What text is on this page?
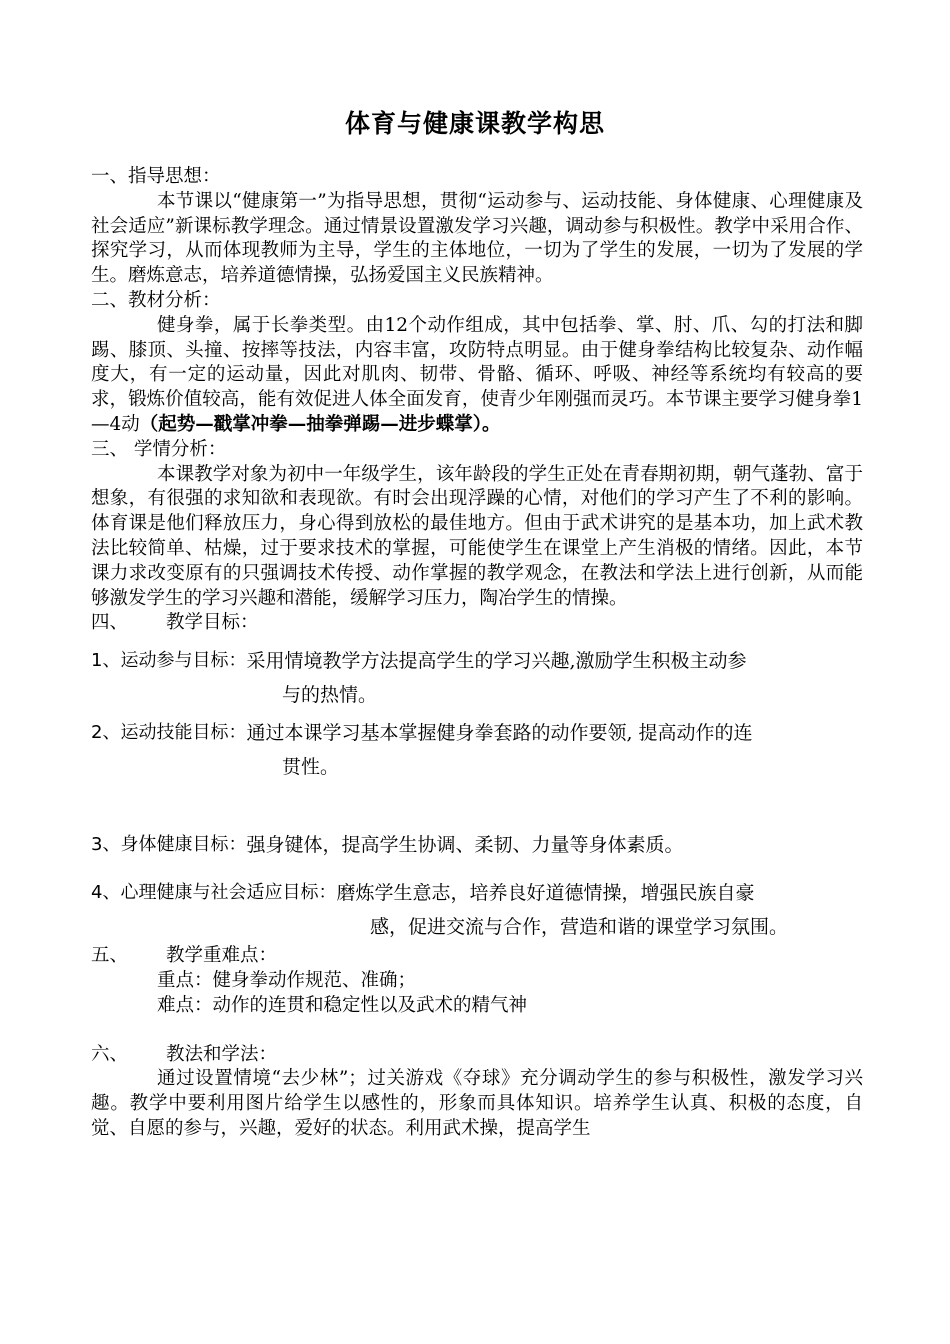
体育与健康课教学构思

一、指导思想：

本节课以“健康第一”为指导思想，贯彻“运动参与、运动技能、身体健康、心理健康及社会适应”新课标教学理念。通过情景设置激发学习兴趣，调动参与积极性。教学中采用合作、探究学习，从而体现教师为主导，学生的主体地位，一切为了学生的发展，一切为了发展的学生。磨炼意志，培养道德情操，弘扬爱国主义民族精神。

二、教材分析：

健身拳，属于长拳类型。由12个动作组成，其中包括拳、掌、肘、爪、勾的打法和脚踢、膝顶、头撞、按摔等技法，内容丰富，攻防特点明显。由于健身拳结构比较复杂、动作幅度大，有一定的运动量，因此对肌肉、韧带、骨骼、循环、呼吸、神经等系统均有较高的要求，锻炼价值较高，能有效促进人体全面发育，使青少年刚强而灵巧。本节课主要学习健身拳1—4动（起势—戳掌冲拳—抽拳弹踢—进步蝶掌）。

三、 学情分析：

本课教学对象为初中一年级学生，该年龄段的学生正处在青春期初期，朝气蓬勃、富于想象，有很强的求知欲和表现欲。有时会出现浮躁的心情，对他们的学习产生了不利的影响。体育课是他们释放压力，身心得到放松的最佳地方。但由于武术讲究的是基本功，加上武术教法比较简单、枯燥，过于要求技术的掌握，可能使学生在课堂上产生消极的情绪。因此，本节课力求改变原有的只强调技术传授、动作掌握的教学观念，在教法和学法上进行创新，从而能够激发学生的学习兴趣和潜能，缓解学习压力，陶冶学生的情操。

四、 教学目标：

1、运动参与目标： 采用情境教学方法提高学生的学习兴趣,激励学生积极主动参

与的热情。

2、运动技能目标： 通过本课学习基本掌握健身拳套路的动作要领, 提高动作的连

贯性。

3、身体健康目标： 强身键体，提高学生协调、柔韧、力量等身体素质。
4、心理健康与社会适应目标： 磨炼学生意志，培养良好道德情操，增强民族自豪

感，促进交流与合作，营造和谐的课堂学习氛围。

五、 教学重难点：

重点：健身拳动作规范、准确；

难点：动作的连贯和稳定性以及武术的精气神

六、 教法和学法：

通过设置情境“去少林”；过关游戏《夺球》充分调动学生的参与积极性，激发学习兴趣。教学中要利用图片给学生以感性的，形象而具体知识。培养学生认真、积极的态度，自觉、自愿的参与，兴趣，爱好的状态。利用武术操，提高学生
